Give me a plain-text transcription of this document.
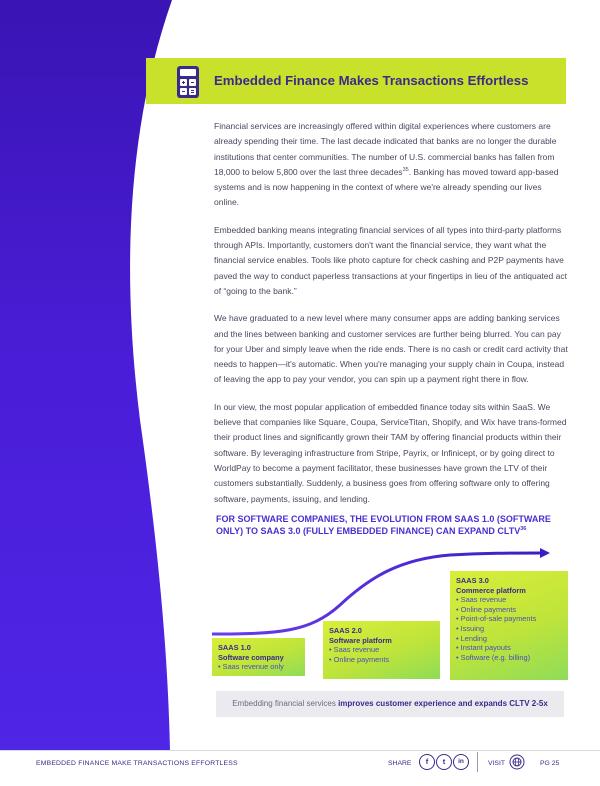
Embedded Finance Makes Transactions Effortless

Financial services are increasingly offered within digital experiences where customers are already spending their time. The last decade indicated that banks are no longer the durable institutions that center communities. The number of U.S. commercial banks has fallen from 18,000 to below 5,800 over the last three decades$^{35}$. Banking has moved toward app-based systems and is now happening in the context of where we're already spending our lives online.

Embedded banking means integrating financial services of all types into third-party platforms through APIs. Importantly, customers don't want the financial service, they want what the financial service enables. Tools like photo capture for check cashing and P2P payments have paved the way to conduct paperless transactions at your fingertips in lieu of the antiquated act of “going to the bank.”

We have graduated to a new level where many consumer apps are adding banking services and the lines between banking and customer services are further being blurred. You can pay for your Uber and simply leave when the ride ends. There is no cash or credit card activity that needs to happen—it's automatic. When you're managing your supply chain in Coupa, instead of leaving the app to pay your vendor, you can spin up a payment right there in flow.

In our view, the most popular application of embedded finance today sits within SaaS. We believe that companies like Square, Coupa, ServiceTitan, Shopify, and Wix have trans-formed their product lines and significantly grown their TAM by offering financial products within their software. By leveraging infrastructure from Stripe, Payrix, or Infinicept, or by going direct to WorldPay to become a payment facilitator, these businesses have grown the LTV of their customers substantially. Suddenly, a business goes from offering software only to offering software, payments, issuing, and lending.

FOR SOFTWARE COMPANIES, THE EVOLUTION FROM SAAS 1.0 (SOFTWARE ONLY) TO SAAS 3.0 (FULLY EMBEDDED FINANCE) CAN EXPAND CLTV$^{36}$
SAAS 1.0
Software company
• Saas revenue only
SAAS 2.0
Software platform
• Saas revenue
• Online payments
SAAS 3.0
Commerce platform
• Saas revenue
• Online payments
• Point-of-sale payments
• Issuing
• Lending
• Instant payouts
• Software (e.g. billing)
Embedding financial services improves customer experience and expands CLTV 2-5x
EMBEDDED FINANCE MAKE TRANSACTIONS EFFORTLESS	SHARE	f	t	in	VISIT	PG 25
